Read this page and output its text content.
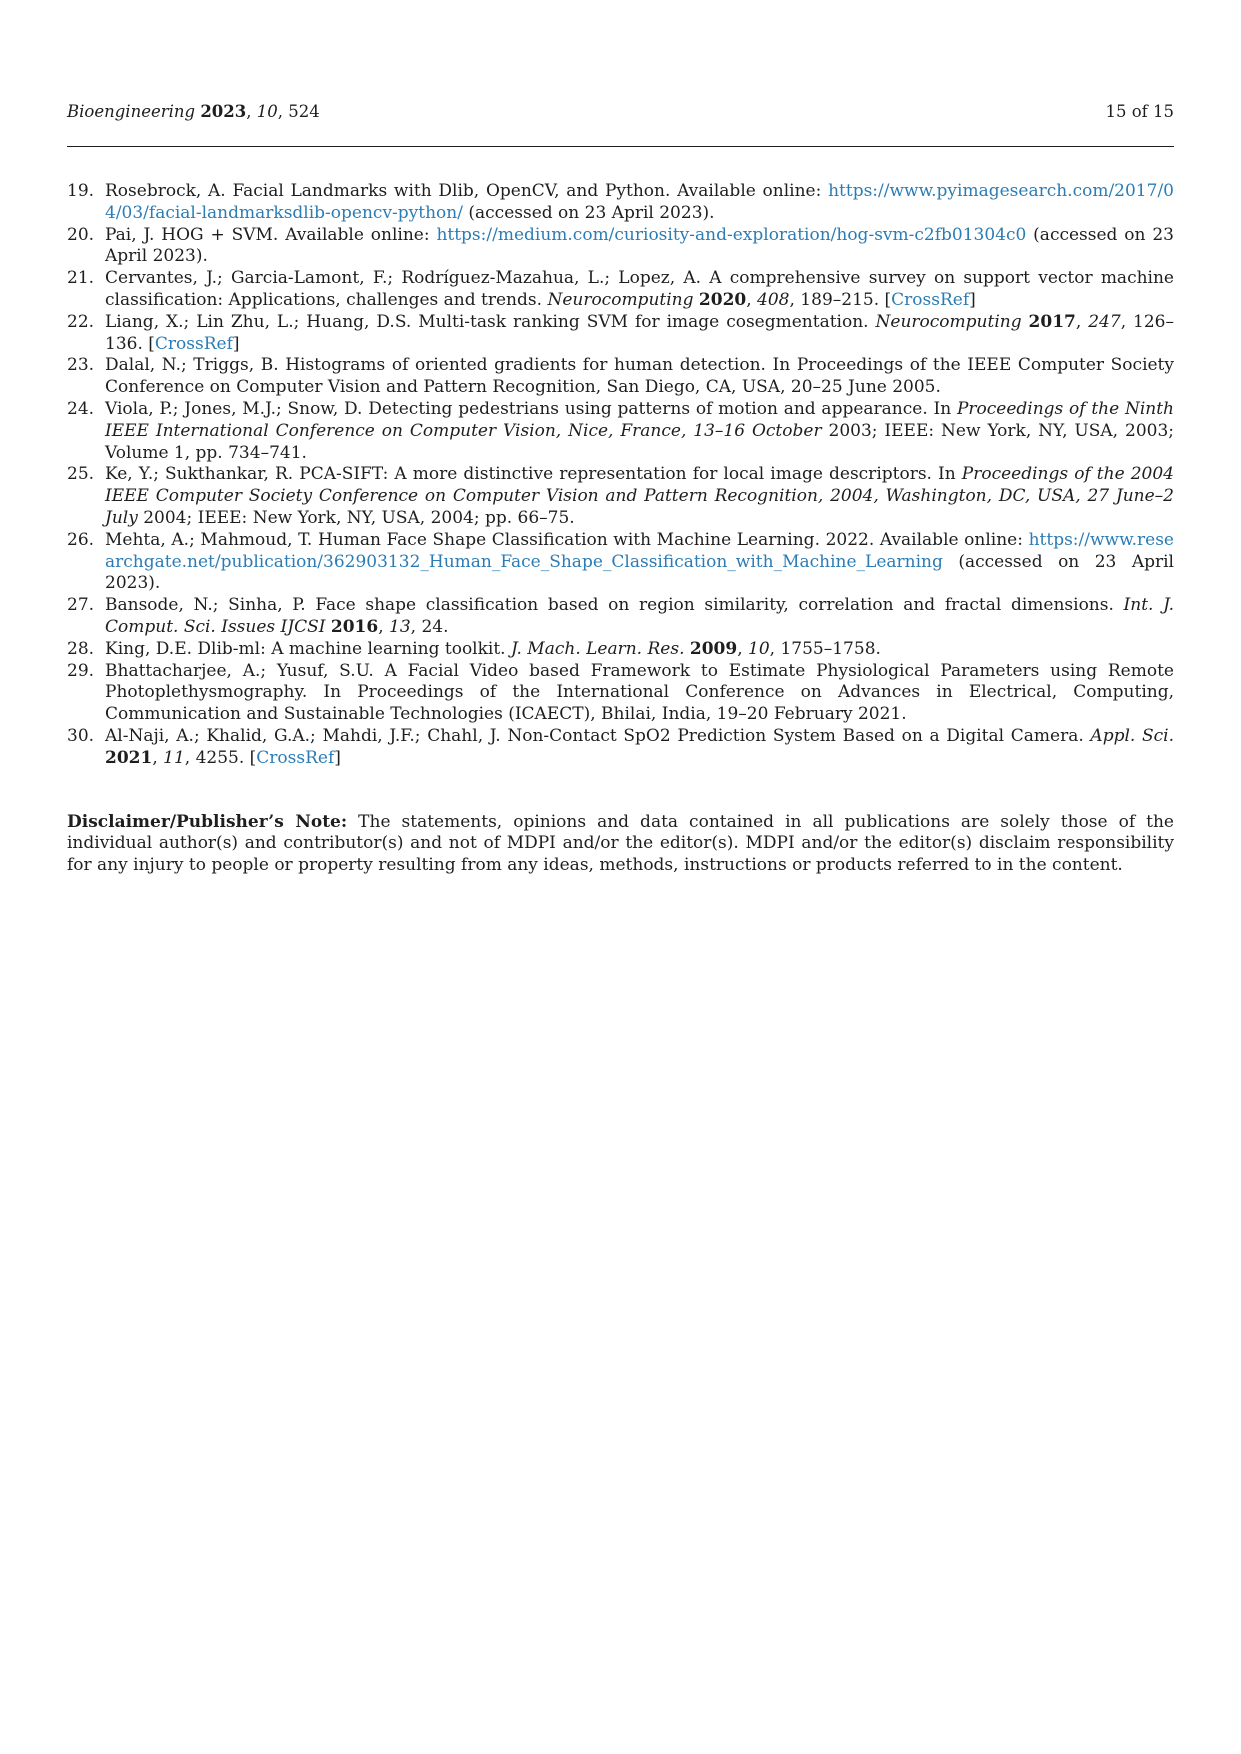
Bioengineering 2023, 10, 524	15 of 15
19. Rosebrock, A. Facial Landmarks with Dlib, OpenCV, and Python. Available online: https://www.pyimagesearch.com/2017/04/03/facial-landmarksdlib-opencv-python/ (accessed on 23 April 2023).
20. Pai, J. HOG + SVM. Available online: https://medium.com/curiosity-and-exploration/hog-svm-c2fb01304c0 (accessed on 23 April 2023).
21. Cervantes, J.; Garcia-Lamont, F.; Rodríguez-Mazahua, L.; Lopez, A. A comprehensive survey on support vector machine classification: Applications, challenges and trends. Neurocomputing 2020, 408, 189–215. [CrossRef]
22. Liang, X.; Lin Zhu, L.; Huang, D.S. Multi-task ranking SVM for image cosegmentation. Neurocomputing 2017, 247, 126–136. [CrossRef]
23. Dalal, N.; Triggs, B. Histograms of oriented gradients for human detection. In Proceedings of the IEEE Computer Society Conference on Computer Vision and Pattern Recognition, San Diego, CA, USA, 20–25 June 2005.
24. Viola, P.; Jones, M.J.; Snow, D. Detecting pedestrians using patterns of motion and appearance. In Proceedings of the Ninth IEEE International Conference on Computer Vision, Nice, France, 13–16 October 2003; IEEE: New York, NY, USA, 2003; Volume 1, pp. 734–741.
25. Ke, Y.; Sukthankar, R. PCA-SIFT: A more distinctive representation for local image descriptors. In Proceedings of the 2004 IEEE Computer Society Conference on Computer Vision and Pattern Recognition, 2004, Washington, DC, USA, 27 June–2 July 2004; IEEE: New York, NY, USA, 2004; pp. 66–75.
26. Mehta, A.; Mahmoud, T. Human Face Shape Classification with Machine Learning. 2022. Available online: https://www.researchgate.net/publication/362903132_Human_Face_Shape_Classification_with_Machine_Learning (accessed on 23 April 2023).
27. Bansode, N.; Sinha, P. Face shape classification based on region similarity, correlation and fractal dimensions. Int. J. Comput. Sci. Issues IJCSI 2016, 13, 24.
28. King, D.E. Dlib-ml: A machine learning toolkit. J. Mach. Learn. Res. 2009, 10, 1755–1758.
29. Bhattacharjee, A.; Yusuf, S.U. A Facial Video based Framework to Estimate Physiological Parameters using Remote Photoplethysmography. In Proceedings of the International Conference on Advances in Electrical, Computing, Communication and Sustainable Technologies (ICAECT), Bhilai, India, 19–20 February 2021.
30. Al-Naji, A.; Khalid, G.A.; Mahdi, J.F.; Chahl, J. Non-Contact SpO2 Prediction System Based on a Digital Camera. Appl. Sci. 2021, 11, 4255. [CrossRef]

Disclaimer/Publisher’s Note: The statements, opinions and data contained in all publications are solely those of the individual author(s) and contributor(s) and not of MDPI and/or the editor(s). MDPI and/or the editor(s) disclaim responsibility for any injury to people or property resulting from any ideas, methods, instructions or products referred to in the content.
